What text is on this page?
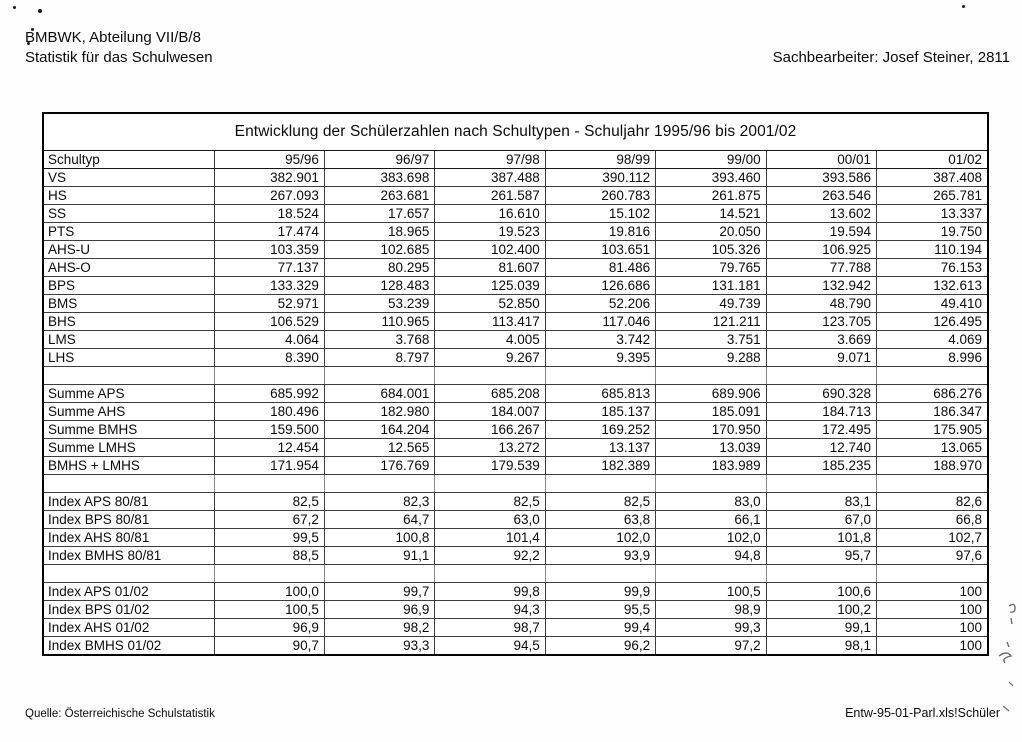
BMBWK, Abteilung VII/B/8
Statistik für das Schulwesen	Sachbearbeiter: Josef Steiner, 2811
Entwicklung der Schülerzahlen nach Schultypen - Schuljahr 1995/96 bis 2001/02
Schultyp	95/96	96/97	97/98	98/99	99/00	00/01	01/02
VS	382.901	383.698	387.488	390.112	393.460	393.586	387.408
HS	267.093	263.681	261.587	260.783	261.875	263.546	265.781
SS	18.524	17.657	16.610	15.102	14.521	13.602	13.337
PTS	17.474	18.965	19.523	19.816	20.050	19.594	19.750
AHS-U	103.359	102.685	102.400	103.651	105.326	106.925	110.194
AHS-O	77.137	80.295	81.607	81.486	79.765	77.788	76.153
BPS	133.329	128.483	125.039	126.686	131.181	132.942	132.613
BMS	52.971	53.239	52.850	52.206	49.739	48.790	49.410
BHS	106.529	110.965	113.417	117.046	121.211	123.705	126.495
LMS	4.064	3.768	4.005	3.742	3.751	3.669	4.069
LHS	8.390	8.797	9.267	9.395	9.288	9.071	8.996

Summe APS	685.992	684.001	685.208	685.813	689.906	690.328	686.276
Summe AHS	180.496	182.980	184.007	185.137	185.091	184.713	186.347
Summe BMHS	159.500	164.204	166.267	169.252	170.950	172.495	175.905
Summe LMHS	12.454	12.565	13.272	13.137	13.039	12.740	13.065
BMHS + LMHS	171.954	176.769	179.539	182.389	183.989	185.235	188.970

Index APS 80/81	82,5	82,3	82,5	82,5	83,0	83,1	82,6
Index BPS 80/81	67,2	64,7	63,0	63,8	66,1	67,0	66,8
Index AHS 80/81	99,5	100,8	101,4	102,0	102,0	101,8	102,7
Index BMHS 80/81	88,5	91,1	92,2	93,9	94,8	95,7	97,6

Index APS 01/02	100,0	99,7	99,8	99,9	100,5	100,6	100
Index BPS 01/02	100,5	96,9	94,3	95,5	98,9	100,2	100
Index AHS 01/02	96,9	98,2	98,7	99,4	99,3	99,1	100
Index BMHS 01/02	90,7	93,3	94,5	96,2	97,2	98,1	100
Quelle: Österreichische Schulstatistik	Entw-95-01-Parl.xls!Schüler
